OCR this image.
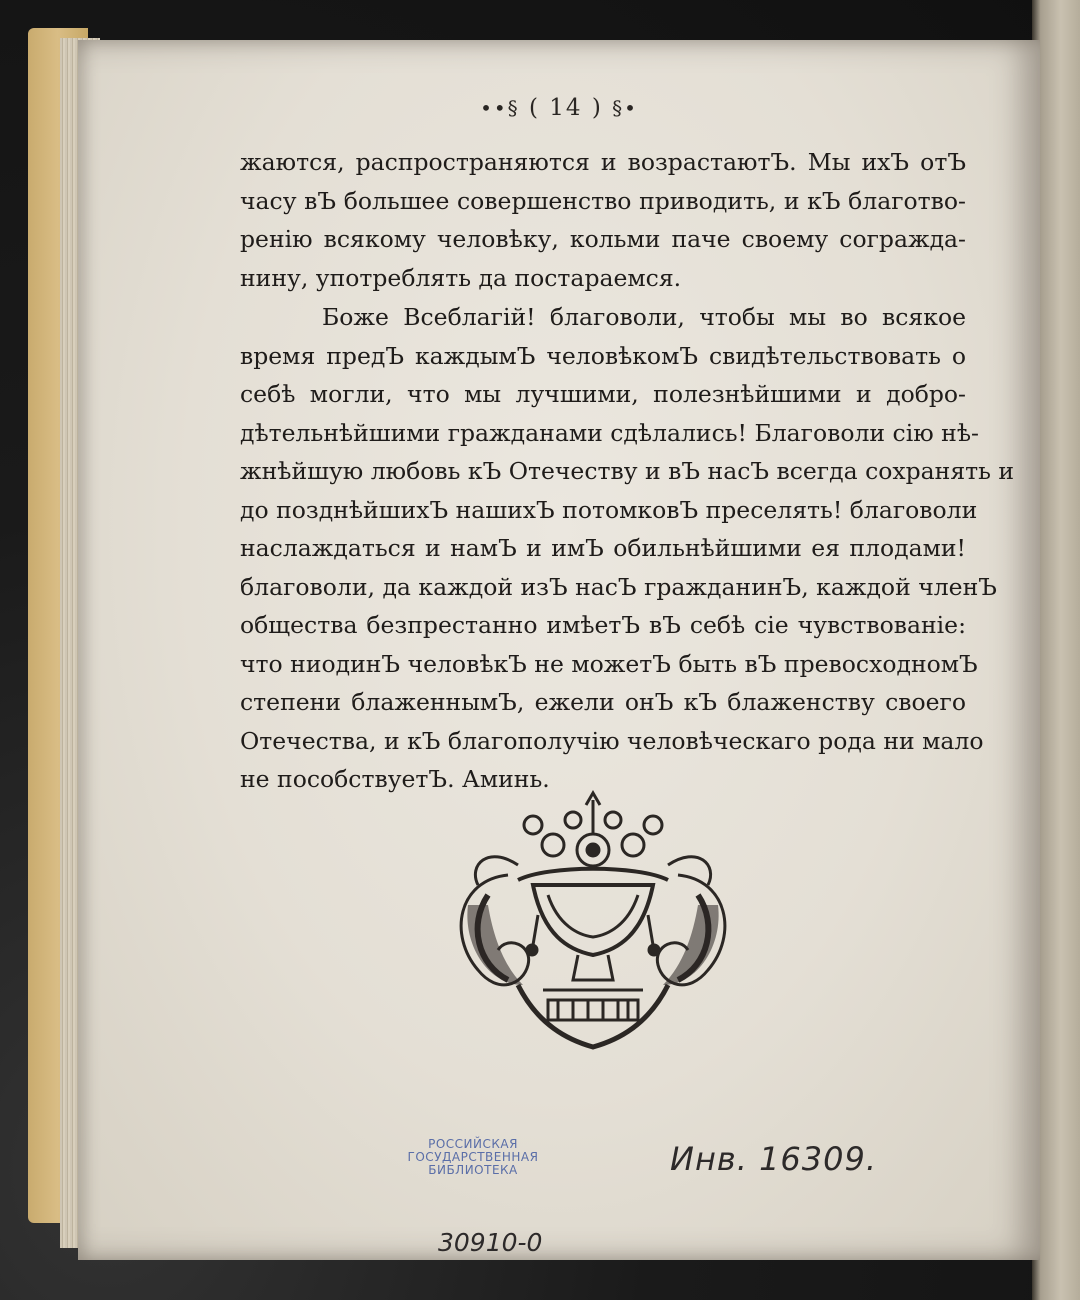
••§ ( 14 ) §•
жаются, распространяются и возрастаютЪ. Мы ихЪ отЪ
часу вЪ большее совершенство приводить, и кЪ благотво-
ренію всякому человѣку, кольми паче своему согражда-
нину, употреблять да постараемся.
Боже Всеблагій! благоволи, чтобы мы во всякое
время предЪ каждымЪ человѣкомЪ свидѣтельствовать о
себѣ могли, что мы лучшими, полезнѣйшими и добро-
дѣтельнѣйшими гражданами сдѣлались! Благоволи сію нѣ-
жнѣйшую любовь кЪ Отечеству и вЪ насЪ всегда сохранять и
до позднѣйшихЪ нашихЪ потомковЪ преселять! благоволи
наслаждаться и намЪ и имЪ обильнѣйшими ея плодами!
благоволи, да каждой изЪ насЪ гражданинЪ, каждой членЪ
общества безпрестанно имѣетЪ вЪ себѣ сіе чувствованіе:
что ниодинЪ человѣкЪ не можетЪ быть вЪ превосходномЪ
степени блаженнымЪ, ежели онЪ кЪ блаженству своего
Отечества, и кЪ благополучію человѣческаго рода ни мало
не пособствуетЪ. Аминь.
РОССИЙСКАЯ
ГОСУДАРСТВЕННАЯ
БИБЛИОТЕКА
30910-0
Инв. 16309.
